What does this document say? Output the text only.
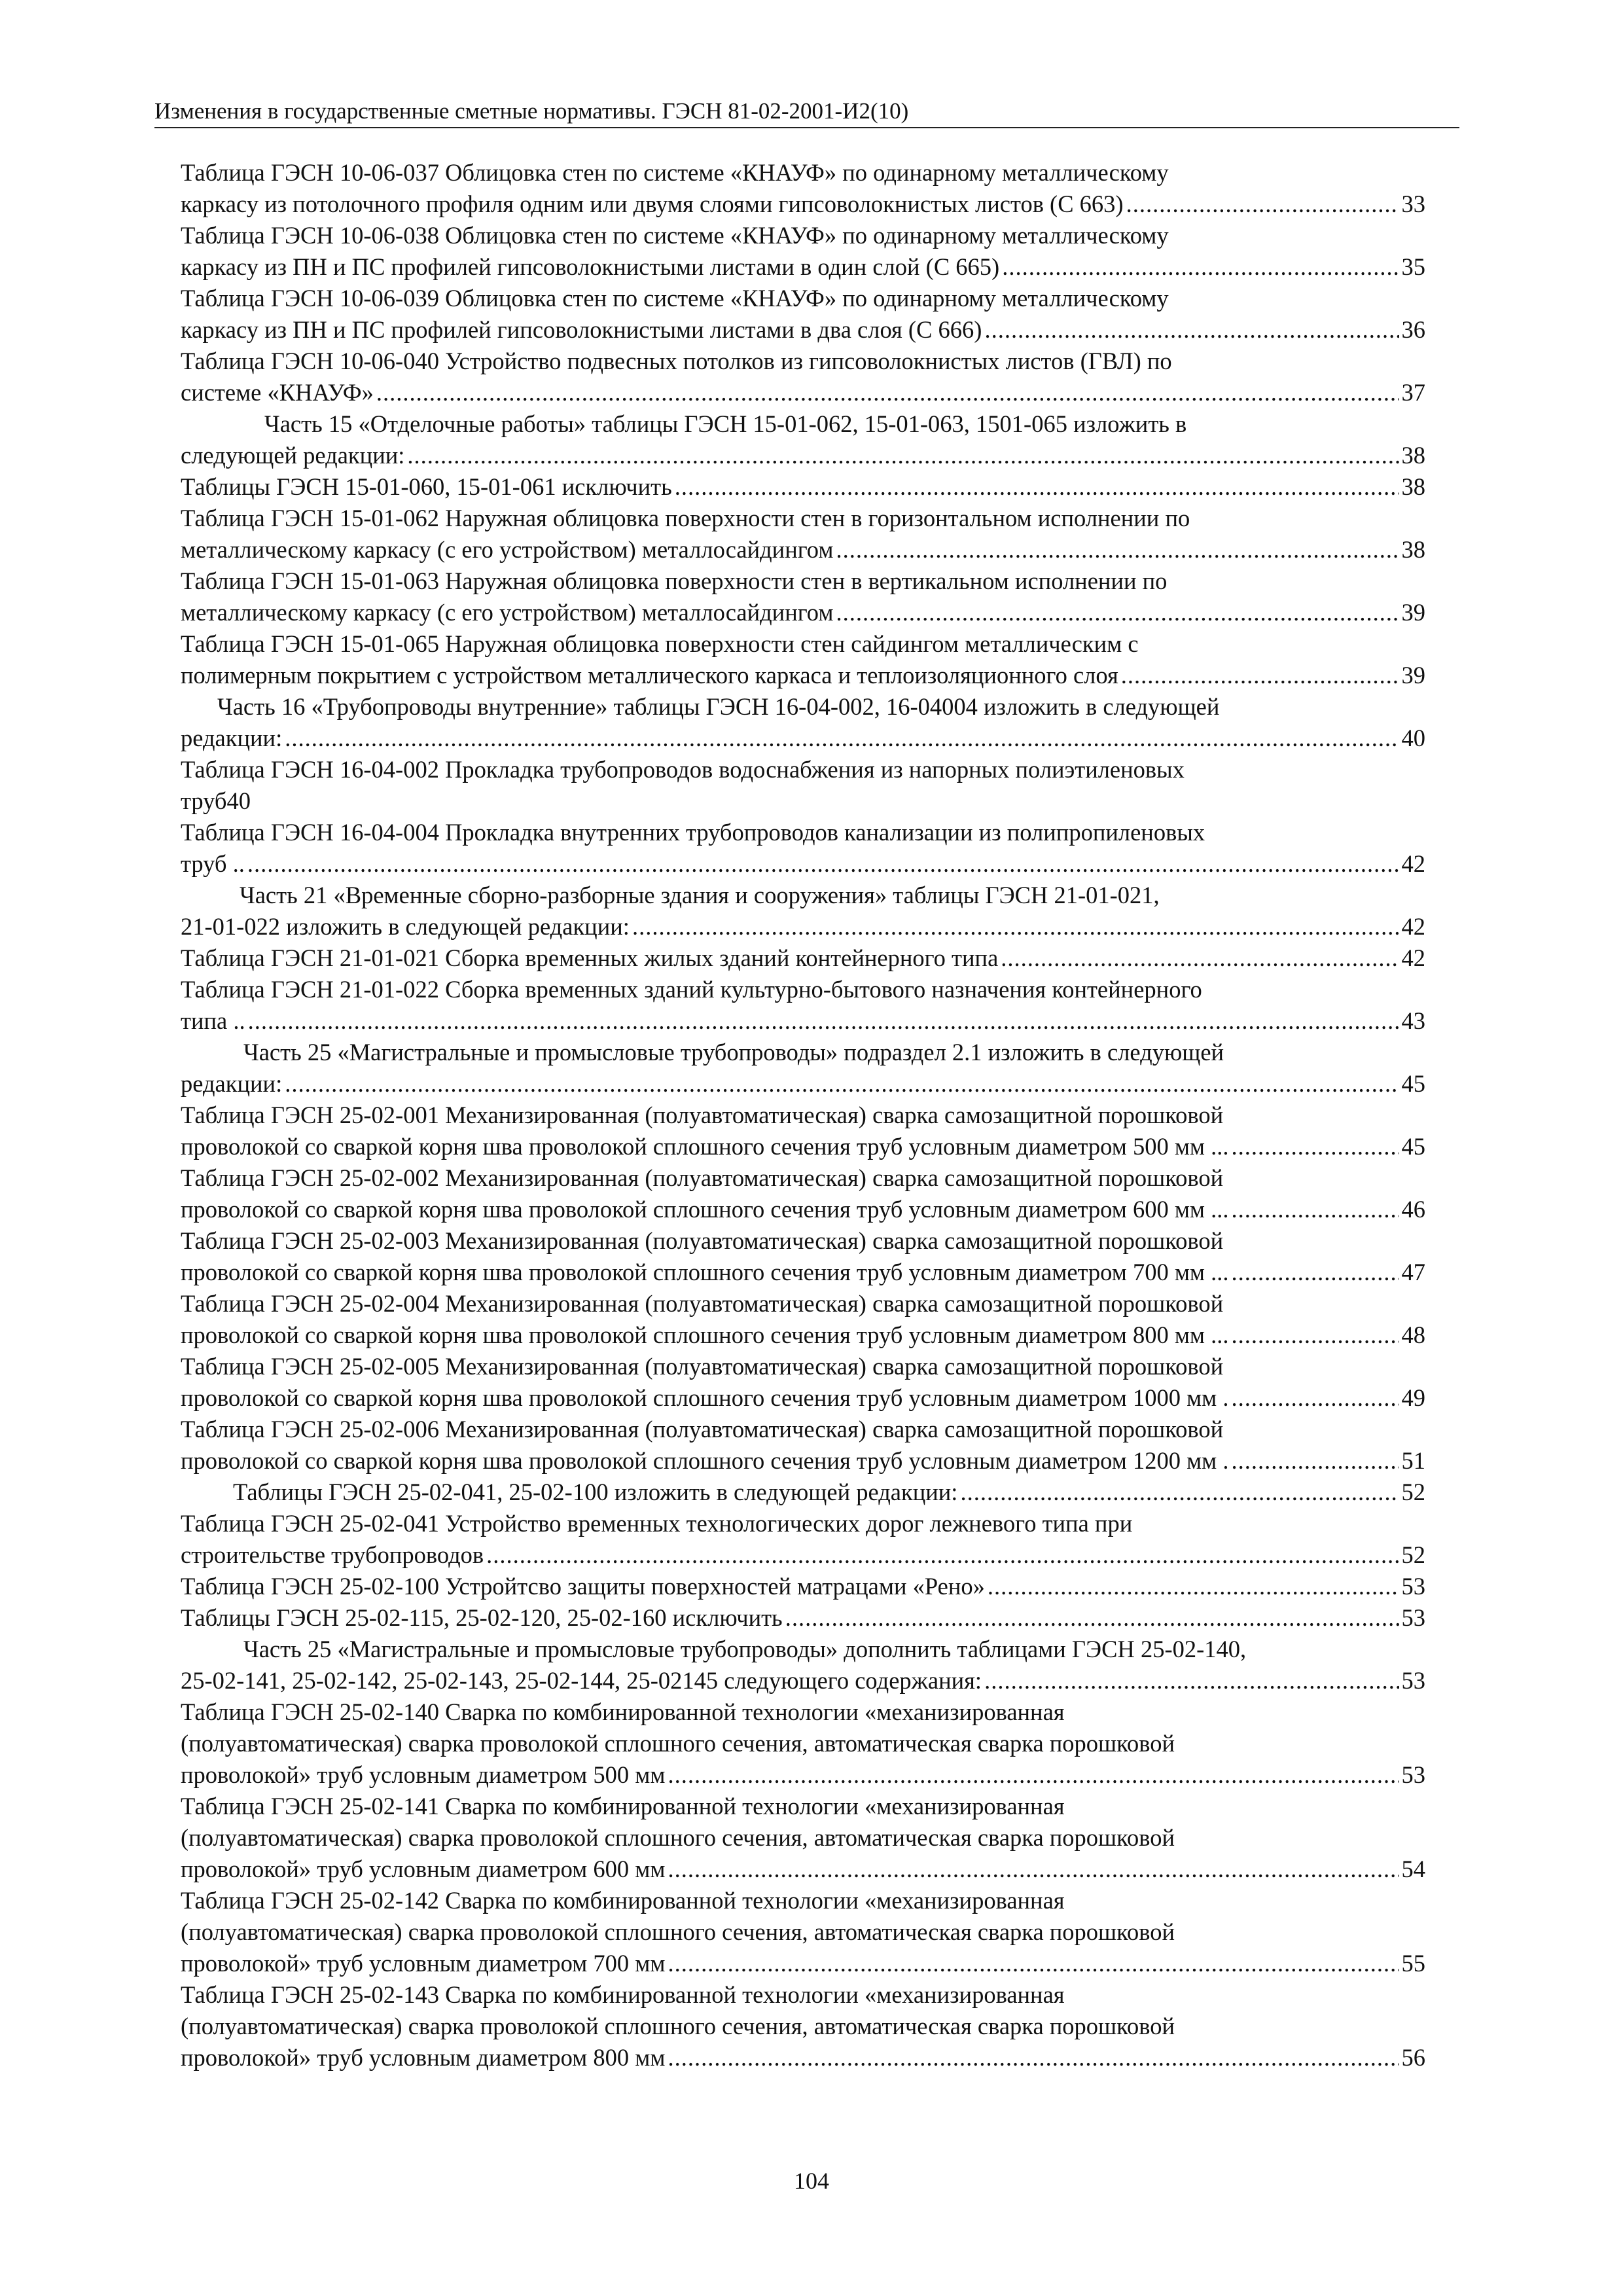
Изменения в государственные сметные нормативы. ГЭСН 81-02-2001-И2(10)
Таблица ГЭСН 10-06-037 Облицовка стен по системе «КНАУФ» по одинарному металлическому
каркасу из потолочного профиля одним или двумя слоями гипсоволокнистых листов (С 663) .....	33
Таблица ГЭСН 10-06-038 Облицовка стен по системе «КНАУФ» по одинарному металлическому
каркасу из ПН и ПС профилей гипсоволокнистыми листами в один слой (С 665) .....	35
Таблица ГЭСН 10-06-039 Облицовка стен по системе «КНАУФ» по одинарному металлическому
каркасу из ПН и ПС профилей гипсоволокнистыми листами в два слоя (С 666) .....	36
Таблица ГЭСН 10-06-040 Устройство подвесных потолков из гипсоволокнистых листов (ГВЛ) по
системе «КНАУФ» .....	37
Часть 15 «Отделочные работы» таблицы ГЭСН 15-01-062, 15-01-063, 1501-065 изложить в
следующей редакции: .....	38
Таблицы ГЭСН 15-01-060, 15-01-061 исключить .....	38
Таблица ГЭСН 15-01-062 Наружная облицовка поверхности стен в горизонтальном исполнении по
металлическому каркасу (с его устройством) металлосайдингом .....	38
Таблица ГЭСН 15-01-063 Наружная облицовка поверхности стен в вертикальном исполнении по
металлическому каркасу (с его устройством) металлосайдингом .....	39
Таблица ГЭСН 15-01-065 Наружная облицовка поверхности стен сайдингом металлическим с
полимерным покрытием с устройством металлического каркаса и теплоизоляционного слоя .....	39
Часть 16 «Трубопроводы внутренние» таблицы ГЭСН 16-04-002, 16-04004 изложить в следующей
редакции: .....	40
Таблица ГЭСН 16-04-002 Прокладка трубопроводов водоснабжения из напорных полиэтиленовых
труб40
Таблица ГЭСН 16-04-004 Прокладка внутренних трубопроводов канализации из полипропиленовых
труб .. .....	42
Часть 21 «Временные сборно-разборные здания и сооружения» таблицы ГЭСН 21-01-021,
21-01-022 изложить в следующей редакции: .....	42
Таблица ГЭСН 21-01-021 Сборка временных жилых зданий контейнерного типа .....	42
Таблица ГЭСН 21-01-022 Сборка временных зданий культурно-бытового назначения контейнерного
типа .. .....	43
Часть 25 «Магистральные и промысловые трубопроводы» подраздел 2.1 изложить в следующей
редакции: .....	45
Таблица ГЭСН 25-02-001 Механизированная (полуавтоматическая) сварка самозащитной порошковой
проволокой со сваркой корня шва проволокой сплошного сечения труб условным диаметром 500 мм ... .....	45
Таблица ГЭСН 25-02-002 Механизированная (полуавтоматическая) сварка самозащитной порошковой
проволокой со сваркой корня шва проволокой сплошного сечения труб условным диаметром 600 мм ... .....	46
Таблица ГЭСН 25-02-003 Механизированная (полуавтоматическая) сварка самозащитной порошковой
проволокой со сваркой корня шва проволокой сплошного сечения труб условным диаметром 700 мм ... .....	47
Таблица ГЭСН 25-02-004 Механизированная (полуавтоматическая) сварка самозащитной порошковой
проволокой со сваркой корня шва проволокой сплошного сечения труб условным диаметром 800 мм ... .....	48
Таблица ГЭСН 25-02-005 Механизированная (полуавтоматическая) сварка самозащитной порошковой
проволокой со сваркой корня шва проволокой сплошного сечения труб условным диаметром 1000 мм . .....	49
Таблица ГЭСН 25-02-006 Механизированная (полуавтоматическая) сварка самозащитной порошковой
проволокой со сваркой корня шва проволокой сплошного сечения труб условным диаметром 1200 мм . .....	51
Таблицы ГЭСН 25-02-041, 25-02-100 изложить в следующей редакции: .....	52
Таблица ГЭСН 25-02-041 Устройство временных технологических дорог лежневого типа при
строительстве трубопроводов .....	52
Таблица ГЭСН 25-02-100 Устройтсво защиты поверхностей матрацами «Рено» .....	53
Таблицы ГЭСН 25-02-115, 25-02-120, 25-02-160 исключить .....	53
Часть 25 «Магистральные и промысловые трубопроводы» дополнить таблицами ГЭСН 25-02-140,
25-02-141, 25-02-142, 25-02-143, 25-02-144, 25-02145 следующего содержания: .....	53
Таблица ГЭСН 25-02-140 Сварка по комбинированной технологии «механизированная
(полуавтоматическая) сварка проволокой сплошного сечения, автоматическая сварка порошковой
проволокой» труб условным диаметром 500 мм .....	53
Таблица ГЭСН 25-02-141 Сварка по комбинированной технологии «механизированная
(полуавтоматическая) сварка проволокой сплошного сечения, автоматическая сварка порошковой
проволокой» труб условным диаметром 600 мм .....	54
Таблица ГЭСН 25-02-142 Сварка по комбинированной технологии «механизированная
(полуавтоматическая) сварка проволокой сплошного сечения, автоматическая сварка порошковой
проволокой» труб условным диаметром 700 мм .....	55
Таблица ГЭСН 25-02-143 Сварка по комбинированной технологии «механизированная
(полуавтоматическая) сварка проволокой сплошного сечения, автоматическая сварка порошковой
проволокой» труб условным диаметром 800 мм .....	56
104
